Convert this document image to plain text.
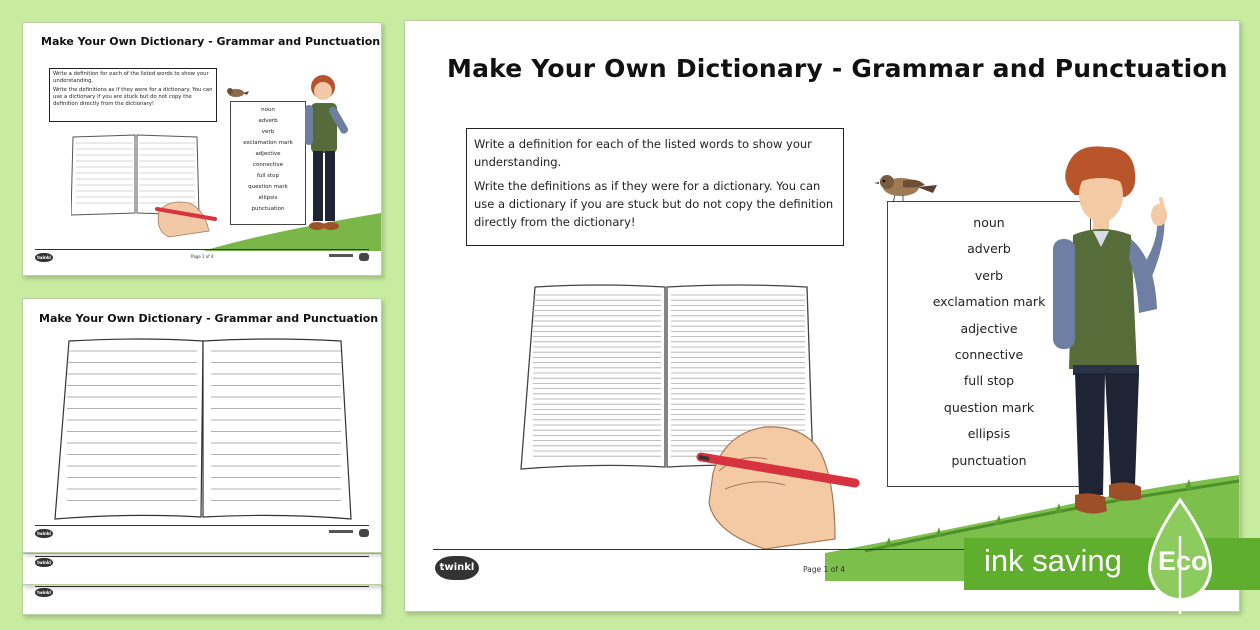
Make Your Own Dictionary - Grammar and Punctuation

Write a definition for each of the listed words to show your understanding.

Write the definitions as if they were for a dictionary. You can use a dictionary if you are stuck but do not copy the definition directly from the dictionary!

noun
adverb
verb
exclamation mark
adjective
connective
full stop
question mark
ellipsis
punctuation
twinkl	Page 1 of 4
twinkl
twinkl
Make Your Own Dictionary - Grammar and Punctuation
twinkl
Make Your Own Dictionary - Grammar and Punctuation

Write a definition for each of the listed words to show your understanding.

Write the definitions as if they were for a dictionary. You can use a dictionary if you are stuck but do not copy the definition directly from the dictionary!	noun
adverb
verb
exclamation mark
adjective
connective
full stop
question mark
ellipsis
punctuation
twinkl	Page 1 of 4	ink saving Eco
